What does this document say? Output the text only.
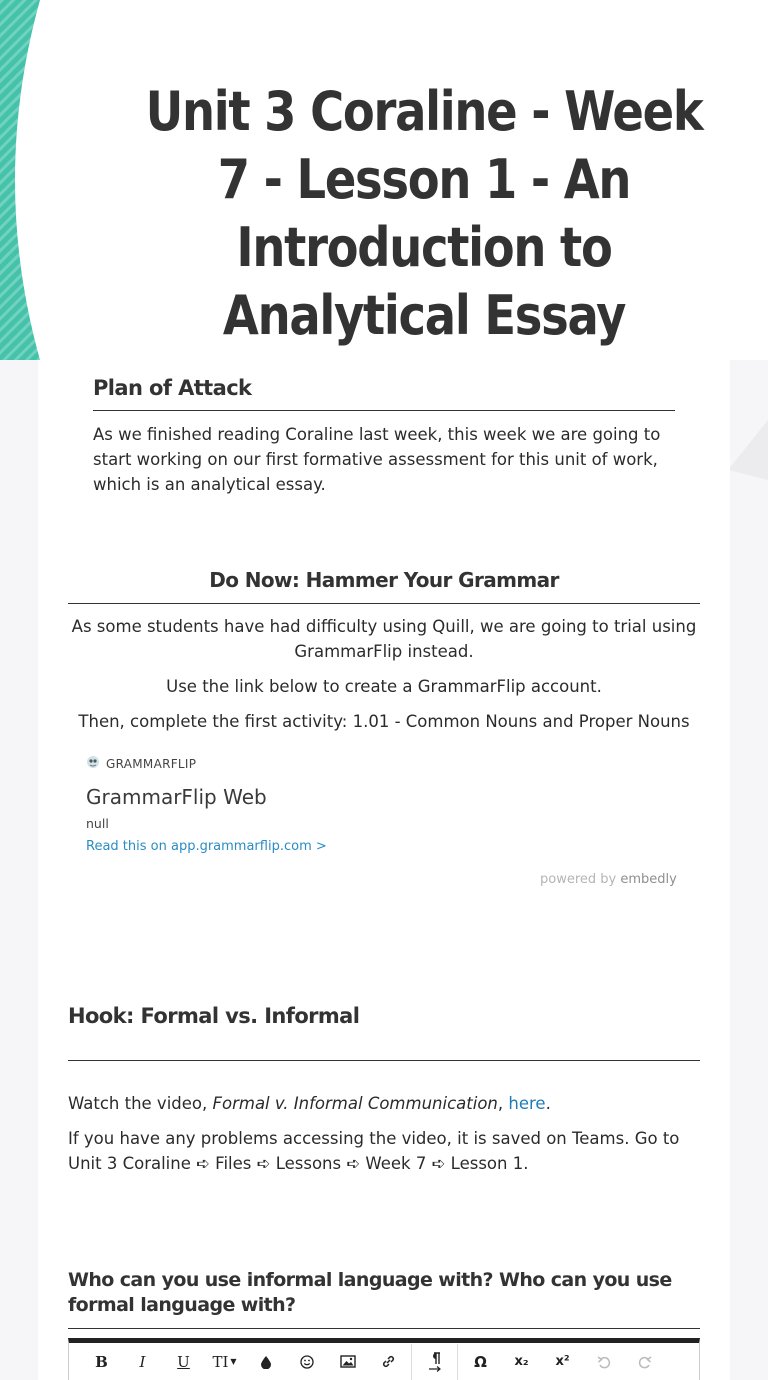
Unit 3 Coraline - Week 7 - Lesson 1 - An Introduction to Analytical Essay
Plan of Attack

As we finished reading Coraline last week, this week we are going to start working on our first formative assessment for this unit of work, which is an analytical essay.

Do Now: Hammer Your Grammar

As some students have had difficulty using Quill, we are going to trial using GrammarFlip instead.

Use the link below to create a GrammarFlip account.

Then, complete the first activity: 1.01 - Common Nouns and Proper Nouns

GRAMMARFLIP
GrammarFlip Web
null
Read this on app.grammarflip.com >
powered by embedly
Hook: Formal vs. Informal

Watch the video, Formal v. Informal Communication, here.

If you have any problems accessing the video, it is saved on Teams. Go to Unit 3 Coraline ➪ Files ➪ Lessons ➪ Week 7 ➪ Lesson 1.

Who can you use informal language with? Who can you use formal language with?
B	I	U	TI ▼	Ω	x₂	x²
